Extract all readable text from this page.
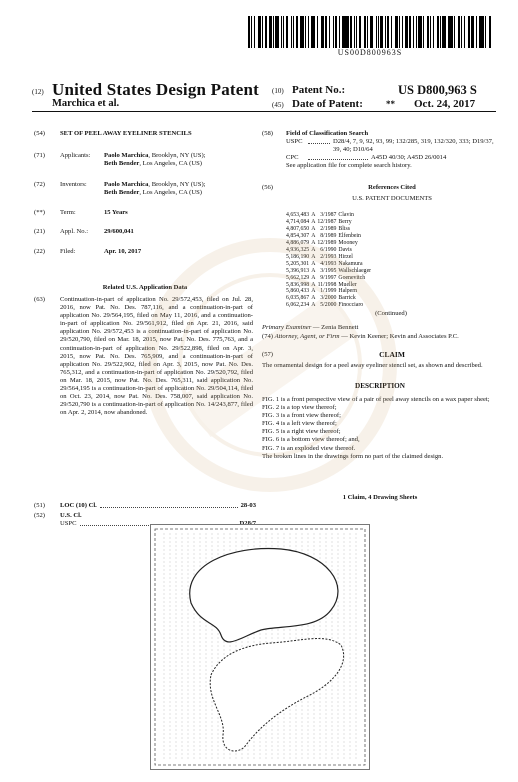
US00D800963S
(12) United States Design Patent
Marchica et al.
(10) Patent No.:	US D800,963 S
(45) Date of Patent:	** Oct. 24, 2017
(54)	SET OF PEEL AWAY EYELINER STENCILS
(71)	Applicants:	Paolo Marchica, Brooklyn, NY (US);
Beth Bender, Los Angeles, CA (US)
(72)	Inventors:	Paolo Marchica, Brooklyn, NY (US);
Beth Bender, Los Angeles, CA (US)
(**)	Term:	15 Years
(21)	Appl. No.:	29/600,041
(22)	Filed:	Apr. 10, 2017
Related U.S. Application Data
(63)	Continuation-in-part of application No. 29/572,453, filed on Jul. 28, 2016, now Pat. No. Des. 787,116, and a continuation-in-part of application No. 29/564,195, filed on May 11, 2016, and a continuation-in-part of application No. 29/561,912, filed on Apr. 21, 2016, said application No. 29/572,453 is a continuation-in-part of application No. 29/520,790, filed on Mar. 18, 2015, now Pat. No. Des. 775,763, and a continuation-in-part of application No. 29/522,898, filed on Apr. 3, 2015, now Pat. No. Des. 765,909, and a continuation-in-part of application No. 29/522,902, filed on Apr. 3, 2015, now Pat. No. Des. 765,312, and a continuation-in-part of application No. 29/520,792, filed on Mar. 18, 2015, now Pat. No. Des. 765,311, said application No. 29/564,195 is a continuation-in-part of application No. 29/504,114, filed on Oct. 23, 2014, now Pat. No. Des. 758,007, said application No. 29/520,790 is a continuation-in-part of application No. 14/243,877, filed on Apr. 2, 2014, now abandoned.
(51)	LOC (10) Cl.	28-03
(52)	U.S. Cl.
USPC
(58)	Field of Classification Search
USPC	D28/4, 7, 9, 92, 93, 99; 132/285, 319, 132/320, 333; D19/37, 39, 40; D10/64
CPC	A45D 40/30; A45D 26/0014
See application file for complete search history.
(56)	References Cited
U.S. PATENT DOCUMENTS
4,653,483	A	3/1987	Clavin
4,714,084	A	12/1987	Berry
4,807,650	A	2/1989	Bliss
4,854,307	A	8/1989	Elfenbein
4,886,079	A	12/1989	Mooney
4,936,325	A	6/1990	Davis
5,186,190	A	2/1993	Hirzel
5,205,301	A	4/1993	Nakamura
5,396,913	A	3/1995	Wallschlaeger
5,662,129	A	9/1997	Goenevitch
5,836,998	A	11/1998	Mueller
5,860,433	A	1/1999	Halpern
6,035,867	A	3/2000	Barrick
6,062,234	A	5/2000	Finocciaro
(Continued)
Primary Examiner — Zenia Bennett
(74) Attorney, Agent, or Firm — Kevin Keener; Kevin and Associates P.C.
(57)	CLAIM
The ornamental design for a peel away eyeliner stencil set, as shown and described.
DESCRIPTION
FIG. 1 is a front perspective view of a pair of peel away stencils on a wax paper sheet;
FIG. 2 is a top view thereof;
FIG. 3 is a front view thereof;
FIG. 4 is a left view thereof;
FIG. 5 is a right view thereof;
FIG. 6 is a bottom view thereof; and,
FIG. 7 is an exploded view thereof.
The broken lines in the drawings form no part of the claimed design.
1 Claim, 4 Drawing Sheets
